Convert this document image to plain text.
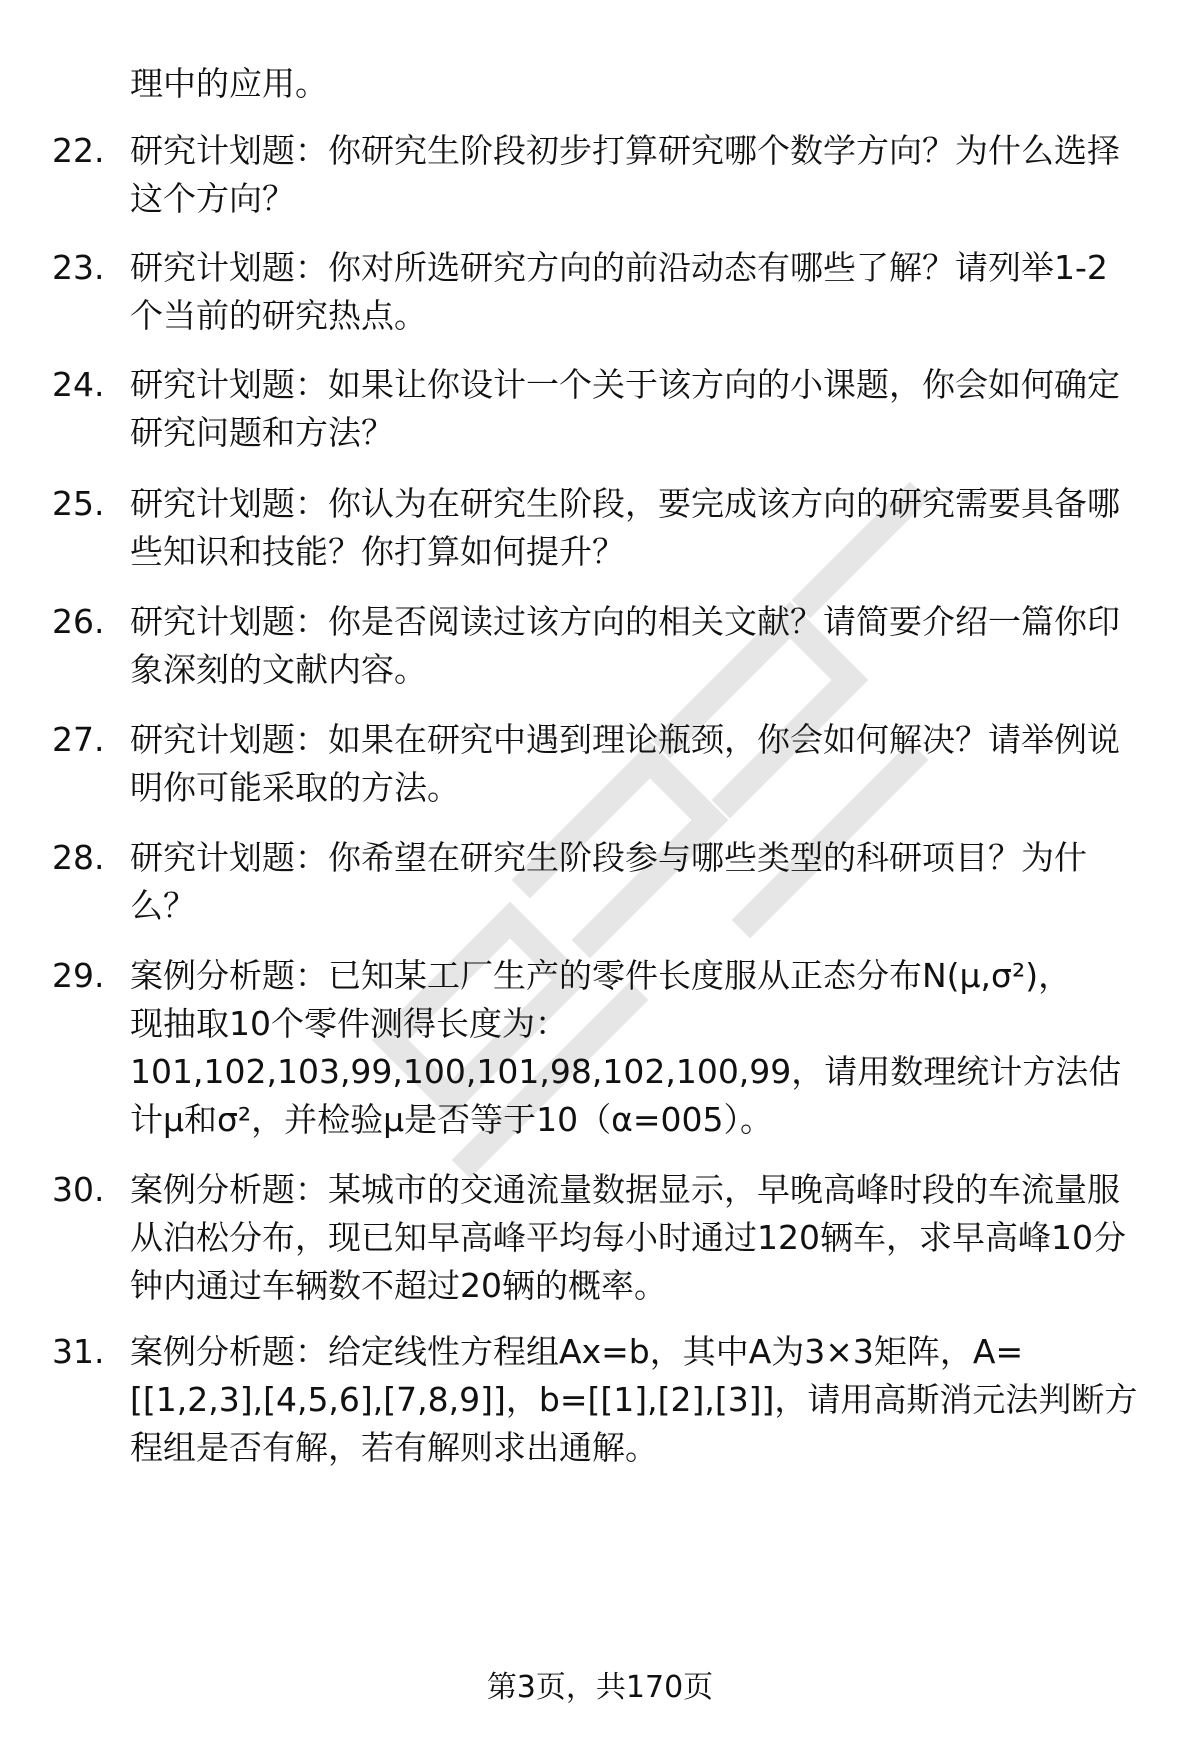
理中的应用。
22. 研究计划题：你研究生阶段初步打算研究哪个数学方向？为什么选择这个方向？
23. 研究计划题：你对所选研究方向的前沿动态有哪些了解？请列举1-2个当前的研究热点。
24. 研究计划题：如果让你设计一个关于该方向的小课题，你会如何确定研究问题和方法？
25. 研究计划题：你认为在研究生阶段，要完成该方向的研究需要具备哪些知识和技能？你打算如何提升？
26. 研究计划题：你是否阅读过该方向的相关文献？请简要介绍一篇你印象深刻的文献内容。
27. 研究计划题：如果在研究中遇到理论瓶颈，你会如何解决？请举例说明你可能采取的方法。
28. 研究计划题：你希望在研究生阶段参与哪些类型的科研项目？为什么？
29. 案例分析题：已知某工厂生产的零件长度服从正态分布N(μ,σ²)，
现抽取10个零件测得长度为：
101,102,103,99,100,101,98,102,100,99，请用数理统计方法估计μ和σ²，并检验μ是否等于10（α=005）。
30. 案例分析题：某城市的交通流量数据显示，早晚高峰时段的车流量服从泊松分布，现已知早高峰平均每小时通过120辆车，求早高峰10分钟内通过车辆数不超过20辆的概率。
31. 案例分析题：给定线性方程组Ax=b，其中A为3×3矩阵，A=
[[1,2,3],[4,5,6],[7,8,9]]，b=[[1],[2],[3]]，请用高斯消元法判断方程组是否有解，若有解则求出通解。
第3页，共170页
